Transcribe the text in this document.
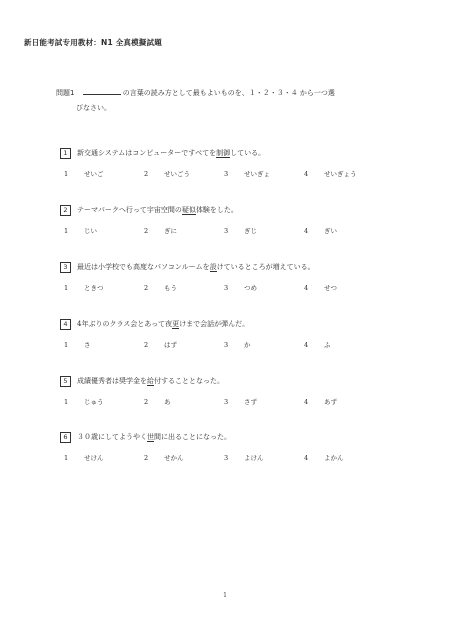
新日能考試专用教材：N1 全真模擬試題
問題1	の言葉の読み方として最もよいものを、１・２・３・４ から一つ選
びなさい。
1	新交通システムはコンピューターですべてを制御している。
1 せいご	2 せいごう	3 せいぎょ	4 せいぎょう
2	テーマパークへ行って宇宙空間の疑似体験をした。
1 じい	2 ぎに	3 ぎじ	4 ぎい
3	最近は小学校でも高度なパソコンルームを設けているところが増えている。
1 ときつ	2 もう	3 つめ	4 せつ
4	4年ぶりのクラス会とあって夜更けまで会話が弾んだ。
1 さ	2 はず	3 か	4 ふ
5	成績優秀者は奨学金を給付することとなった。
1 じゅう	2 あ	3 さず	4 あず
6	３０歳にしてようやく世間に出ることになった。
1 せけん	2 せかん	3 よけん	4 よかん
1
